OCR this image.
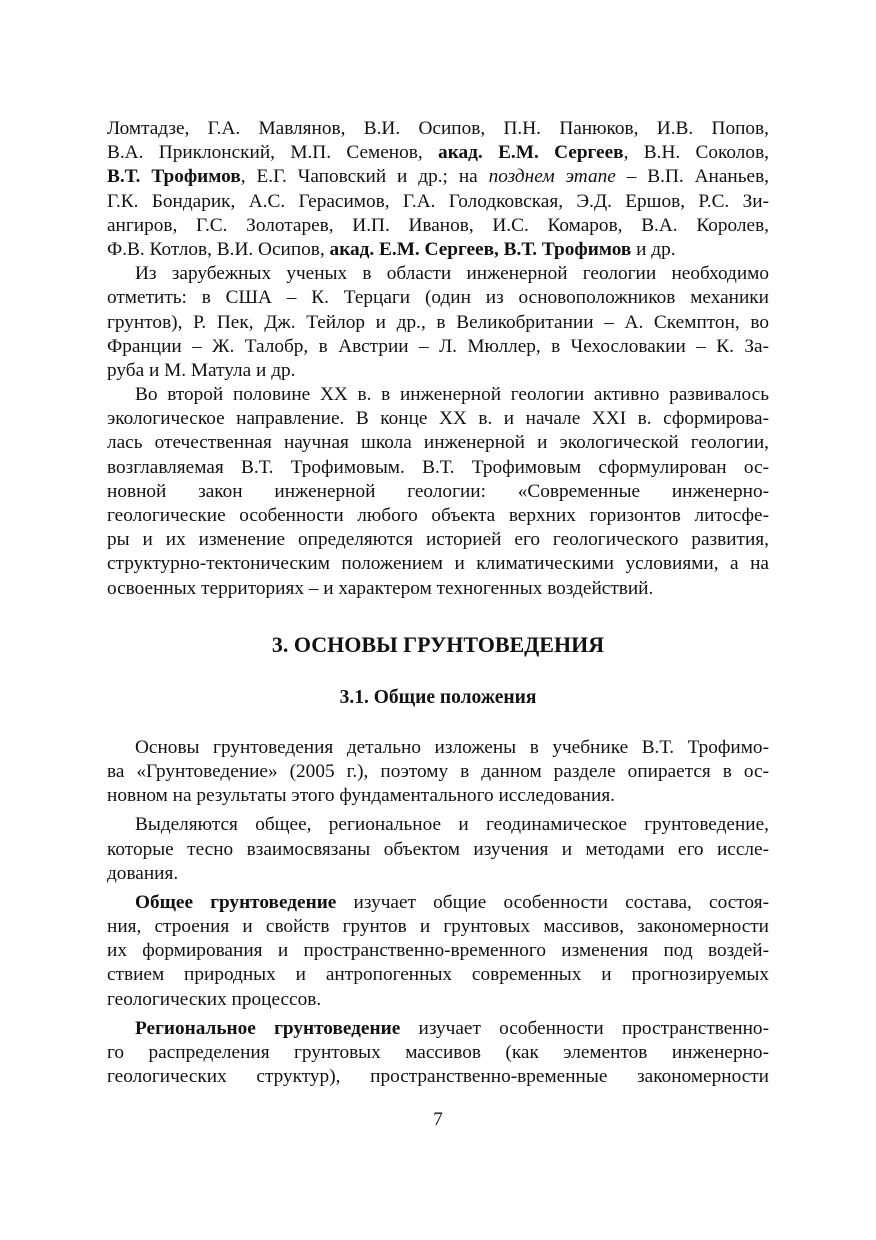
Ломтадзе, Г.А. Мавлянов, В.И. Осипов, П.Н. Панюков, И.В. Попов,
В.А. Приклонский, М.П. Семенов, акад. Е.М. Сергеев, В.Н. Соколов,
В.Т. Трофимов, Е.Г. Чаповский и др.; на позднем этапе – В.П. Ананьев,
Г.К. Бондарик, А.С. Герасимов, Г.А. Голодковская, Э.Д. Ершов, Р.С. Зи-
ангиров, Г.С. Золотарев, И.П. Иванов, И.С. Комаров, В.А. Королев,
Ф.В. Котлов, В.И. Осипов, акад. Е.М. Сергеев, В.Т. Трофимов и др.
Из зарубежных ученых в области инженерной геологии необходимо
отметить: в США – К. Терцаги (один из основоположников механики
грунтов), Р. Пек, Дж. Тейлор и др., в Великобритании – А. Скемптон, во
Франции – Ж. Талобр, в Австрии – Л. Мюллер, в Чехословакии – К. За-
руба и М. Матула и др.
Во второй половине XX в. в инженерной геологии активно развивалось
экологическое направление. В конце XX в. и начале XXI в. сформирова-
лась отечественная научная школа инженерной и экологической геологии,
возглавляемая В.Т. Трофимовым. В.Т. Трофимовым сформулирован ос-
новной закон инженерной геологии: «Современные инженерно-
геологические особенности любого объекта верхних горизонтов литосфе-
ры и их изменение определяются историей его геологического развития,
структурно-тектоническим положением и климатическими условиями, а на
освоенных территориях – и характером техногенных воздействий.
3. ОСНОВЫ ГРУНТОВЕДЕНИЯ
3.1. Общие положения
Основы грунтоведения детально изложены в учебнике В.Т. Трофимо-
ва «Грунтоведение» (2005 г.), поэтому в данном разделе опирается в ос-
новном на результаты этого фундаментального исследования.
Выделяются общее, региональное и геодинамическое грунтоведение,
которые тесно взаимосвязаны объектом изучения и методами его иссле-
дования.
Общее грунтоведение изучает общие особенности состава, состоя-
ния, строения и свойств грунтов и грунтовых массивов, закономерности
их формирования и пространственно-временного изменения под воздей-
ствием природных и антропогенных современных и прогнозируемых
геологических процессов.
Региональное грунтоведение изучает особенности пространственно-
го распределения грунтовых массивов (как элементов инженерно-
геологических структур), пространственно-временные закономерности
7
